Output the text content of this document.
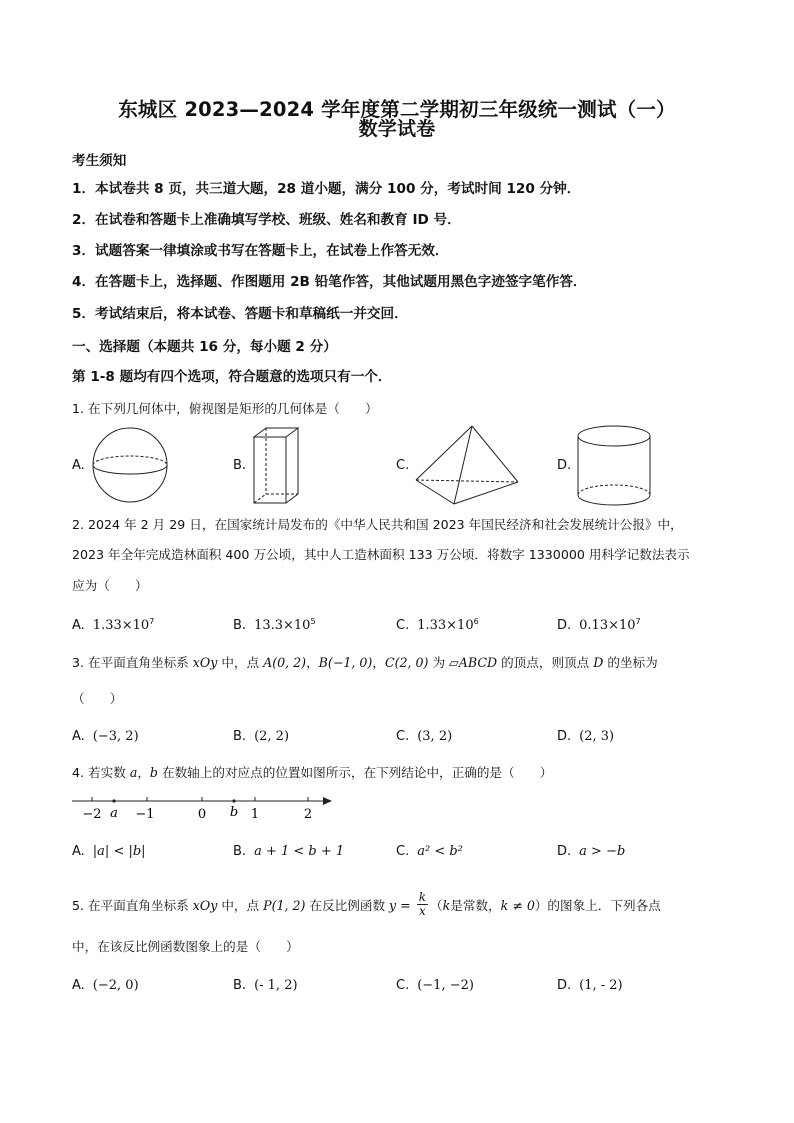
东城区 2023—2024 学年度第二学期初三年级统一测试（一）
数学试卷
考生须知
1．本试卷共 8 页，共三道大题，28 道小题，满分 100 分，考试时间 120 分钟．
2．在试卷和答题卡上准确填写学校、班级、姓名和教育 ID 号．
3．试题答案一律填涂或书写在答题卡上，在试卷上作答无效．
4．在答题卡上，选择题、作图题用 2B 铅笔作答，其他试题用黑色字迹签字笔作答．
5．考试结束后，将本试卷、答题卡和草稿纸一并交回．
一、选择题（本题共 16 分，每小题 2 分）
第 1-8 题均有四个选项，符合题意的选项只有一个．
1. 在下列几何体中，俯视图是矩形的几何体是（　　）
A.	B.	C.	D.
2. 2024 年 2 月 29 日，在国家统计局发布的《中华人民共和国 2023 年国民经济和社会发展统计公报》中，
2023 年全年完成造林面积 400 万公顷，其中人工造林面积 133 万公顷．将数字 1330000 用科学记数法表示
应为（　　）
A. $1.33\times 10^7$	B. $13.3\times 10^5$	C. $1.33\times 10^6$	D. $0.13\times 10^7$
3. 在平面直角坐标系 xOy 中，点 A(0, 2)，B(−1, 0)，C(2, 0) 为 ▱ABCD 的顶点，则顶点 D 的坐标为
（　　）
A. (−3, 2)	B. (2, 2)	C. (3, 2)	D. (2, 3)
4. 若实数 a，b 在数轴上的对应点的位置如图所示，在下列结论中，正确的是（　　）
−2 a −1	0 b 1	2
A. |a| < |b|	B. a + 1 < b + 1	C. a² < b²	D. a > −b
5. 在平面直角坐标系 xOy 中，点 P(1, 2) 在反比例函数 $y = \frac{k}{x} (k$是常数，k ≠ 0）的图象上．下列各点
中，在该反比例函数图象上的是（　　）
A. (−2, 0)	B. (- 1, 2)	C. (−1, −2)	D. (1, - 2)
